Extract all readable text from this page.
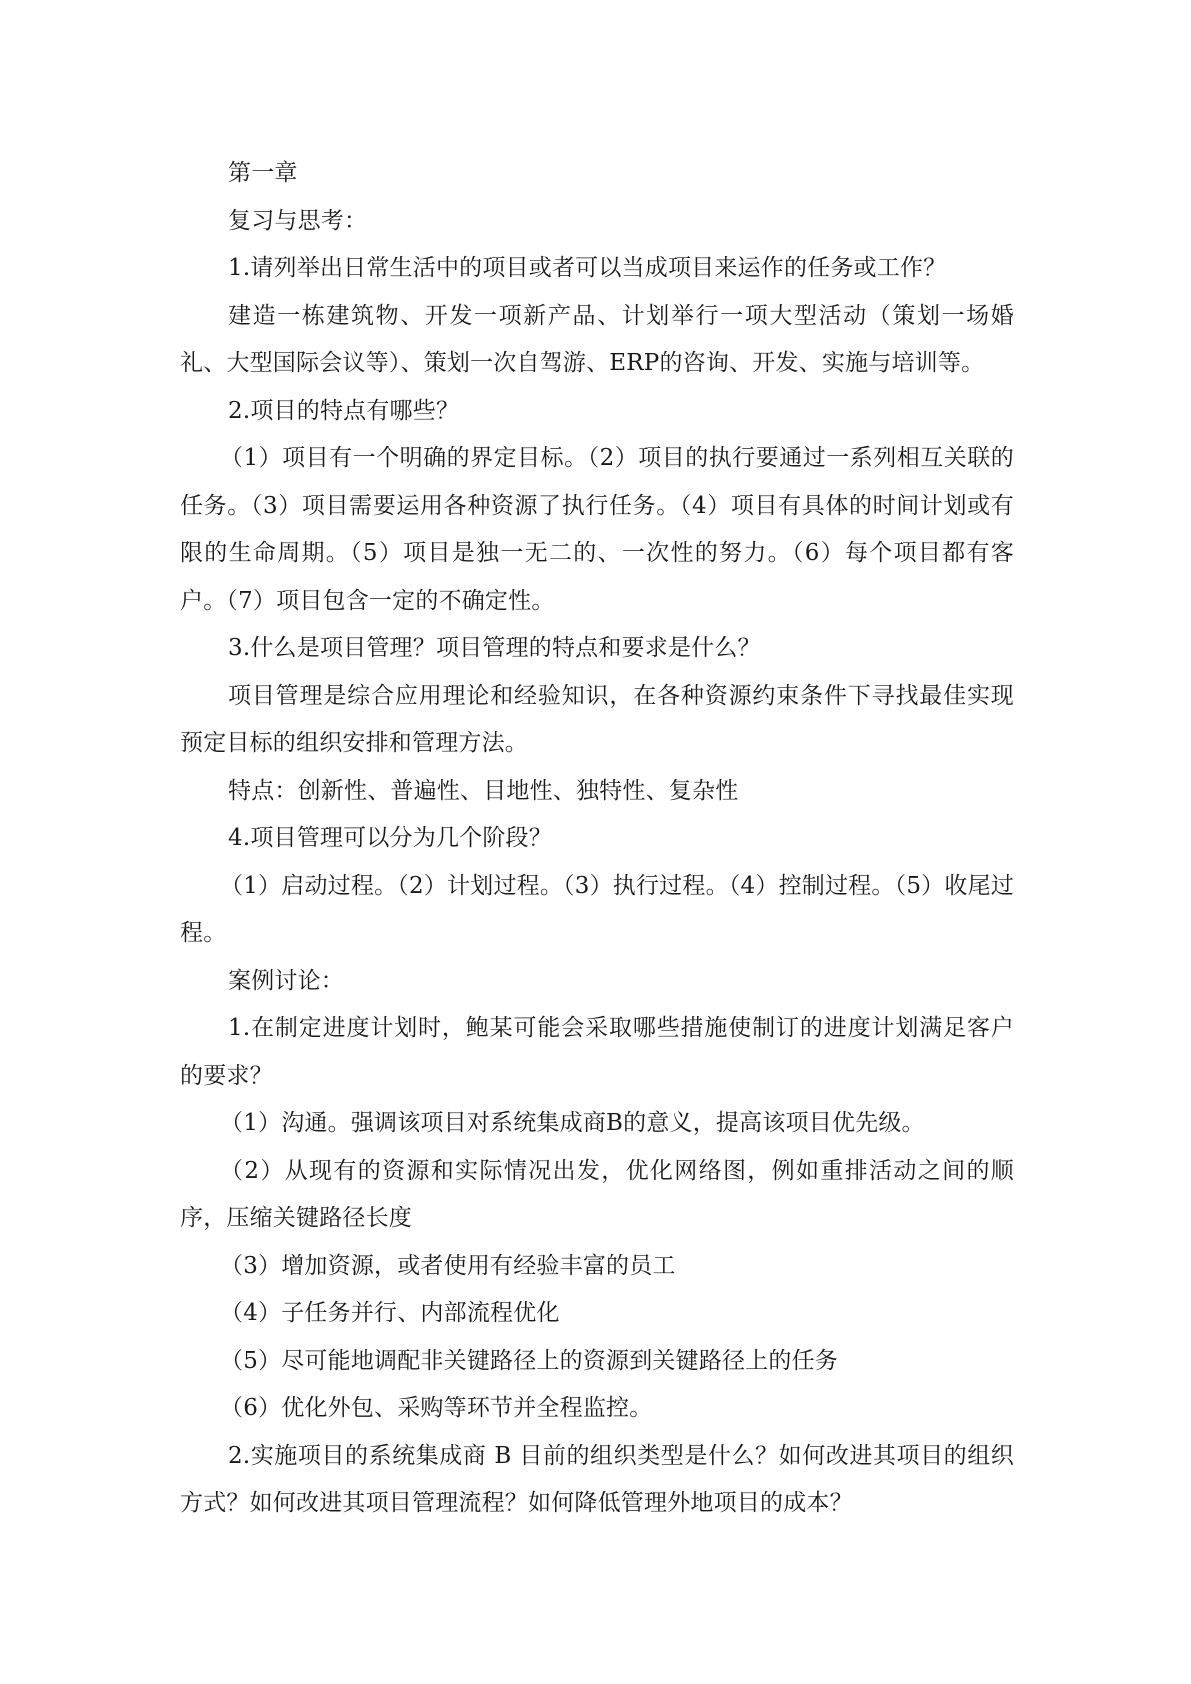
第一章

复习与思考：

1.请列举出日常生活中的项目或者可以当成项目来运作的任务或工作？

建造一栋建筑物、开发一项新产品、计划举行一项大型活动（策划一场婚礼、大型国际会议等）、策划一次自驾游、ERP的咨询、开发、实施与培训等。

2.项目的特点有哪些？

（1）项目有一个明确的界定目标。（2）项目的执行要通过一系列相互关联的任务。（3）项目需要运用各种资源了执行任务。（4）项目有具体的时间计划或有限的生命周期。（5）项目是独一无二的、一次性的努力。（6）每个项目都有客户。（7）项目包含一定的不确定性。

3.什么是项目管理？项目管理的特点和要求是什么？

项目管理是综合应用理论和经验知识，在各种资源约束条件下寻找最佳实现预定目标的组织安排和管理方法。

特点：创新性、普遍性、目地性、独特性、复杂性

4.项目管理可以分为几个阶段？

（1）启动过程。（2）计划过程。（3）执行过程。（4）控制过程。（5）收尾过程。

案例讨论：

1.在制定进度计划时，鲍某可能会采取哪些措施使制订的进度计划满足客户的要求？

（1）沟通。强调该项目对系统集成商B的意义，提高该项目优先级。

（2）从现有的资源和实际情况出发，优化网络图，例如重排活动之间的顺序，压缩关键路径长度

（3）增加资源，或者使用有经验丰富的员工

（4）子任务并行、内部流程优化

（5）尽可能地调配非关键路径上的资源到关键路径上的任务

（6）优化外包、采购等环节并全程监控。

2.实施项目的系统集成商 B 目前的组织类型是什么？如何改进其项目的组织方式？如何改进其项目管理流程？如何降低管理外地项目的成本？
